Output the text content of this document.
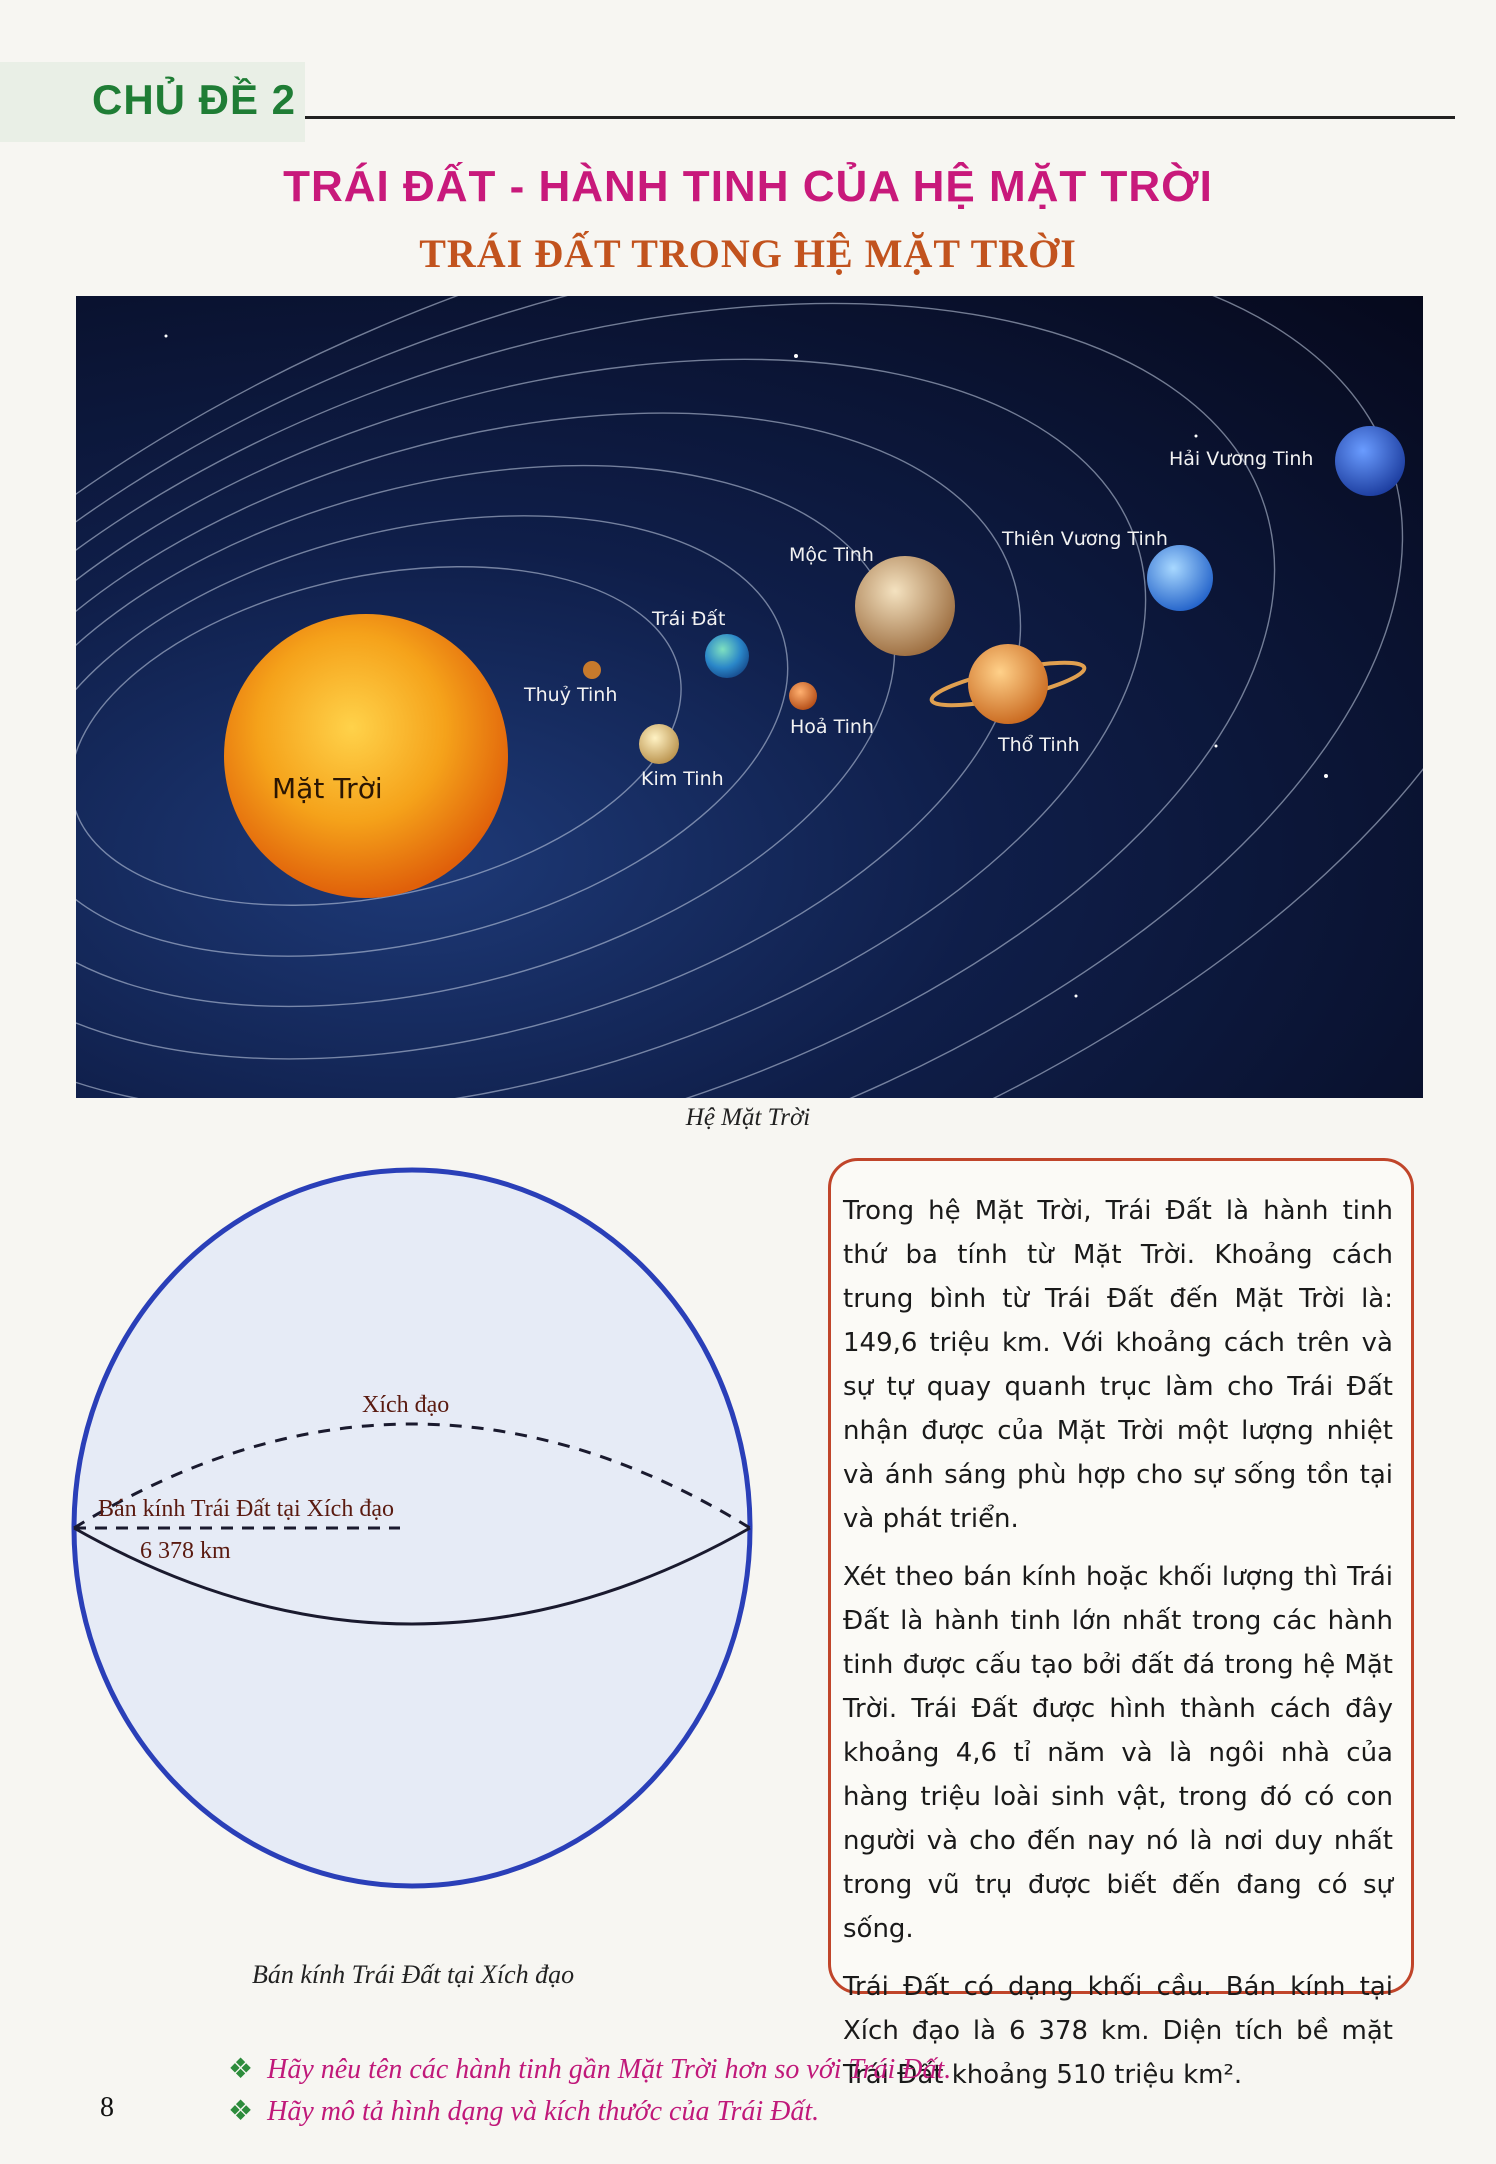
CHỦ ĐỀ 2
TRÁI ĐẤT - HÀNH TINH CỦA HỆ MẶT TRỜI
TRÁI ĐẤT TRONG HỆ MẶT TRỜI
Mặt Trời
Thuỷ Tinh
Kim Tinh
Trái Đất
Hoả Tinh
Mộc Tinh
Thổ Tinh
Thiên Vương Tinh
Hải Vương Tinh
Hệ Mặt Trời
Xích đạo
Bán kính Trái Đất tại Xích đạo
6 378 km
Bán kính Trái Đất tại Xích đạo

Trong hệ Mặt Trời, Trái Đất là hành tinh thứ ba tính từ Mặt Trời. Khoảng cách trung bình từ Trái Đất đến Mặt Trời là: 149,6 triệu km. Với khoảng cách trên và sự tự quay quanh trục làm cho Trái Đất nhận được của Mặt Trời một lượng nhiệt và ánh sáng phù hợp cho sự sống tồn tại và phát triển.

Xét theo bán kính hoặc khối lượng thì Trái Đất là hành tinh lớn nhất trong các hành tinh được cấu tạo bởi đất đá trong hệ Mặt Trời. Trái Đất được hình thành cách đây khoảng 4,6 tỉ năm và là ngôi nhà của hàng triệu loài sinh vật, trong đó có con người và cho đến nay nó là nơi duy nhất trong vũ trụ được biết đến đang có sự sống.

Trái Đất có dạng khối cầu. Bán kính tại Xích đạo là 6 378 km. Diện tích bề mặt Trái Đất khoảng 510 triệu km².

❖ Hãy nêu tên các hành tinh gần Mặt Trời hơn so với Trái Đất.
❖ Hãy mô tả hình dạng và kích thước của Trái Đất.
8
